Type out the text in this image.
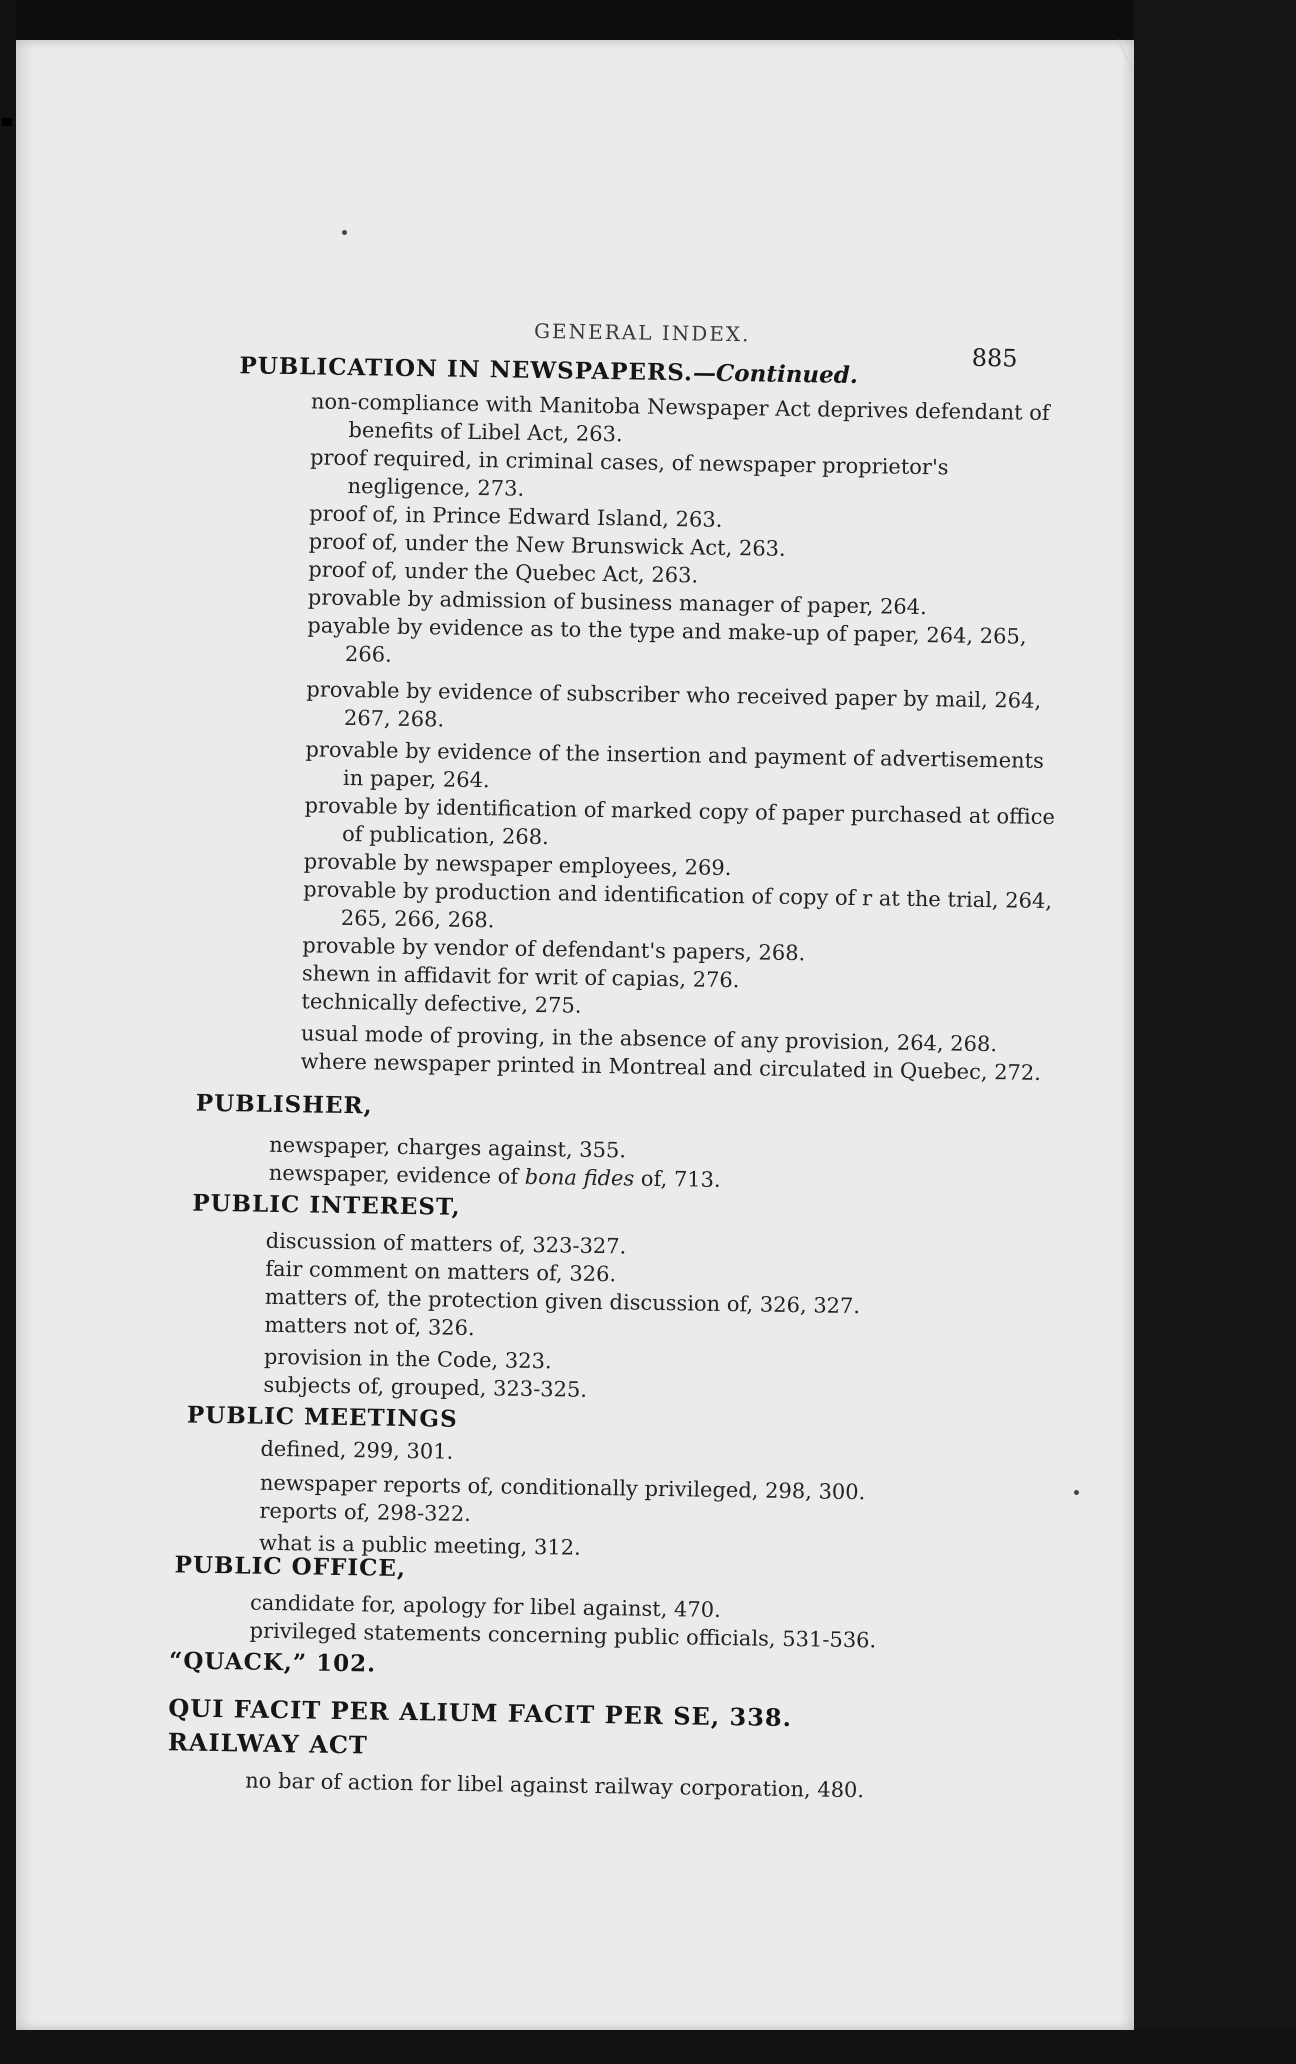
GENERAL INDEX.
885
PUBLICATION IN NEWSPAPERS.—Continued.
non-compliance with Manitoba Newspaper Act deprives defendant of benefits of Libel Act, 263.
proof required, in criminal cases, of newspaper proprietor's negligence, 273.
proof of, in Prince Edward Island, 263.
proof of, under the New Brunswick Act, 263.
proof of, under the Quebec Act, 263.
provable by admission of business manager of paper, 264.
payable by evidence as to the type and make-up of paper, 264, 265, 266.
provable by evidence of subscriber who received paper by mail, 264, 267, 268.
provable by evidence of the insertion and payment of advertisements in paper, 264.
provable by identification of marked copy of paper purchased at office of publication, 268.
provable by newspaper employees, 269.
provable by production and identification of copy of r at the trial, 264, 265, 266, 268.
provable by vendor of defendant's papers, 268.
shewn in affidavit for writ of capias, 276.
technically defective, 275.
usual mode of proving, in the absence of any provision, 264, 268.
where newspaper printed in Montreal and circulated in Quebec, 272.
PUBLISHER,
newspaper, charges against, 355.
newspaper, evidence of bona fides of, 713.
PUBLIC INTEREST,
discussion of matters of, 323-327.
fair comment on matters of, 326.
matters of, the protection given discussion of, 326, 327.
matters not of, 326.
provision in the Code, 323.
subjects of, grouped, 323-325.
PUBLIC MEETINGS
defined, 299, 301.
newspaper reports of, conditionally privileged, 298, 300.
reports of, 298-322.
what is a public meeting, 312.
PUBLIC OFFICE,
candidate for, apology for libel against, 470.
privileged statements concerning public officials, 531-536.
“QUACK,” 102.
QUI FACIT PER ALIUM FACIT PER SE, 338.
RAILWAY ACT
no bar of action for libel against railway corporation, 480.
